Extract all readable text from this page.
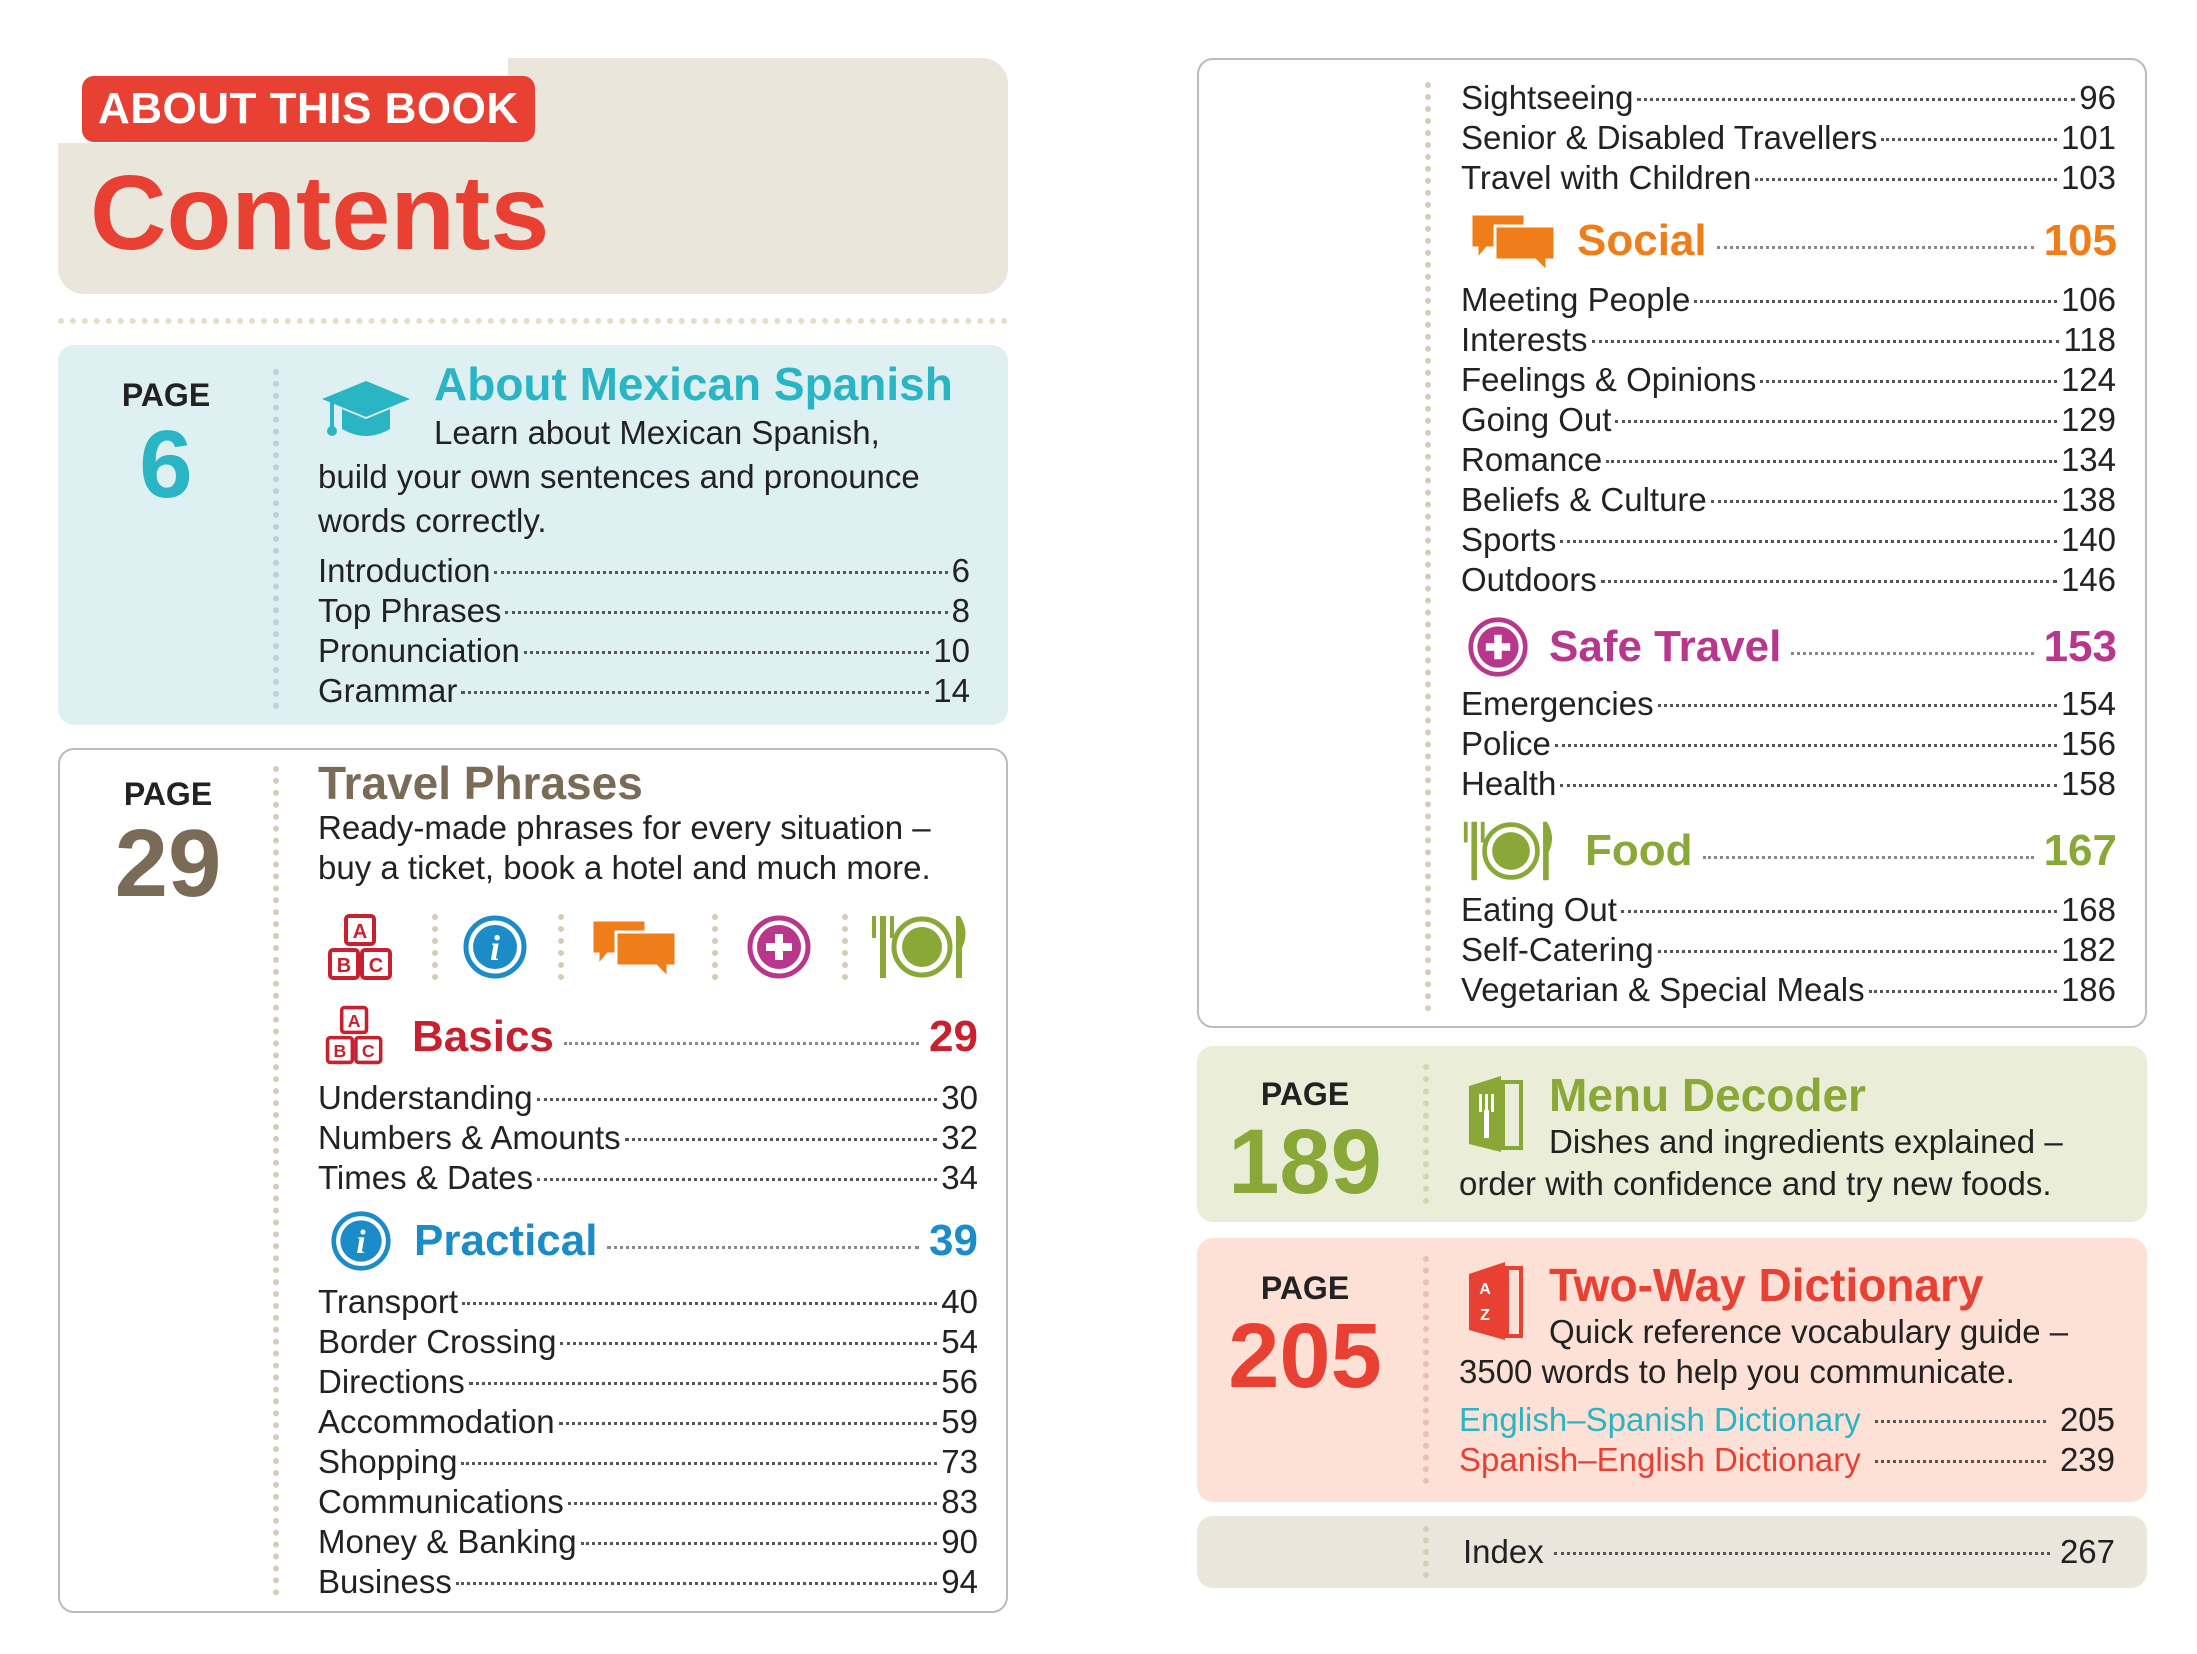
ABOUT THIS BOOK
Contents
PAGE
6
About Mexican Spanish
Learn about Mexican Spanish,
build your own sentences and pronounce
words correctly.
Introduction	6
Top Phrases	8
Pronunciation	10
Grammar	14
PAGE
29
Travel Phrases
Ready-made phrases for every situation –
buy a ticket, book a hotel and much more.
A
B C	i
A
B C Basics	29
Understanding	30
Numbers & Amounts	32
Times & Dates	34
i Practical	39
Transport	40
Border Crossing	54
Directions	56
Accommodation	59
Shopping	73
Communications	83
Money & Banking	90
Business	94
Sightseeing	96
Senior & Disabled Travellers	101
Travel with Children	103
Social	105
Meeting People	106
Interests	118
Feelings & Opinions	124
Going Out	129
Romance	134
Beliefs & Culture	138
Sports	140
Outdoors	146
Safe Travel	153
Emergencies	154
Police	156
Health	158
Food	167
Eating Out	168
Self-Catering	182
Vegetarian & Special Meals	186
PAGE
189
Menu Decoder
Dishes and ingredients explained –
order with confidence and try new foods.
PAGE
205
A
Z
Two-Way Dictionary
Quick reference vocabulary guide –
3500 words to help you communicate.
English–Spanish Dictionary	205
Spanish–English Dictionary	239
Index	267
